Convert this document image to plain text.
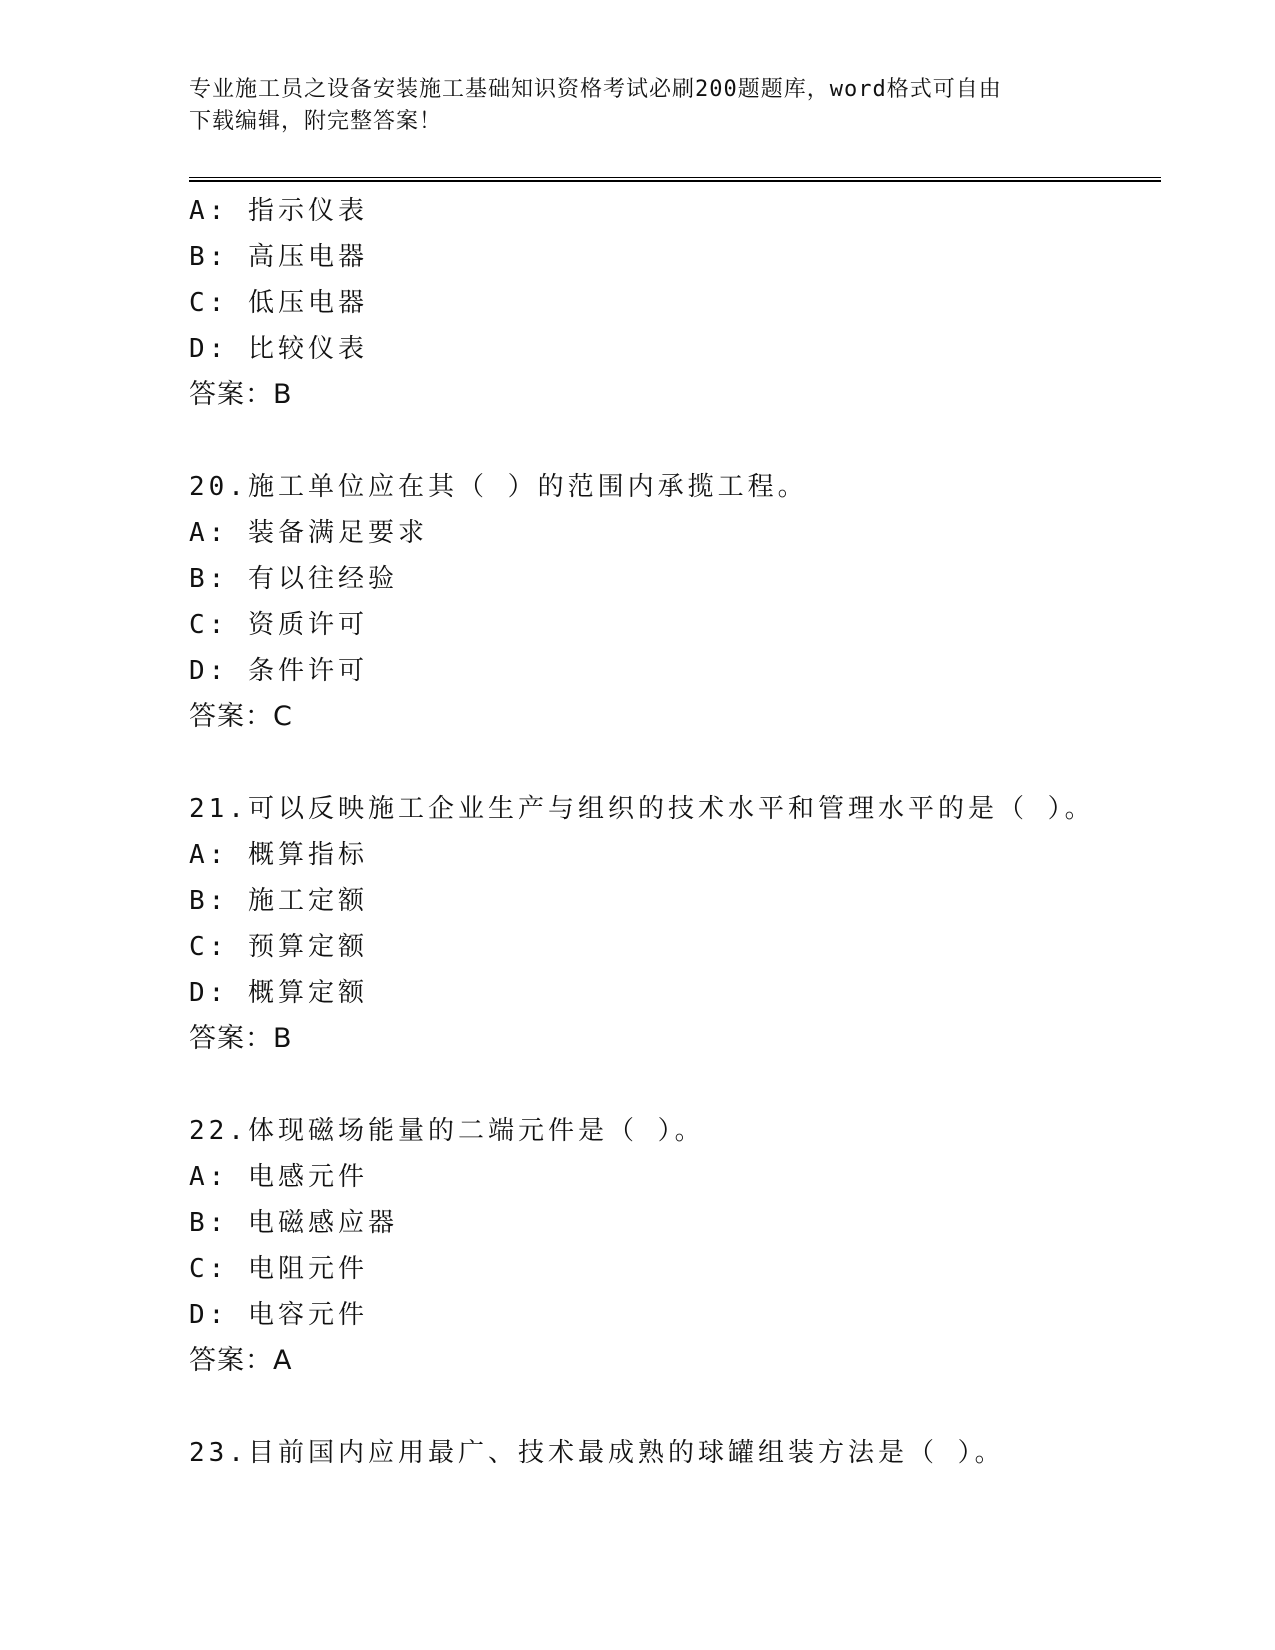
专业施工员之设备安装施工基础知识资格考试必刷200题题库，word格式可自由
下载编辑，附完整答案！
A: 指示仪表
B: 高压电器
C: 低压电器
D: 比较仪表
答案：B
20.施工单位应在其（ ）的范围内承揽工程。
A: 装备满足要求
B: 有以往经验
C: 资质许可
D: 条件许可
答案：C
21.可以反映施工企业生产与组织的技术水平和管理水平的是（ ）。
A: 概算指标
B: 施工定额
C: 预算定额
D: 概算定额
答案：B
22.体现磁场能量的二端元件是（ ）。
A: 电感元件
B: 电磁感应器
C: 电阻元件
D: 电容元件
答案：A
23.目前国内应用最广、技术最成熟的球罐组装方法是（ ）。
